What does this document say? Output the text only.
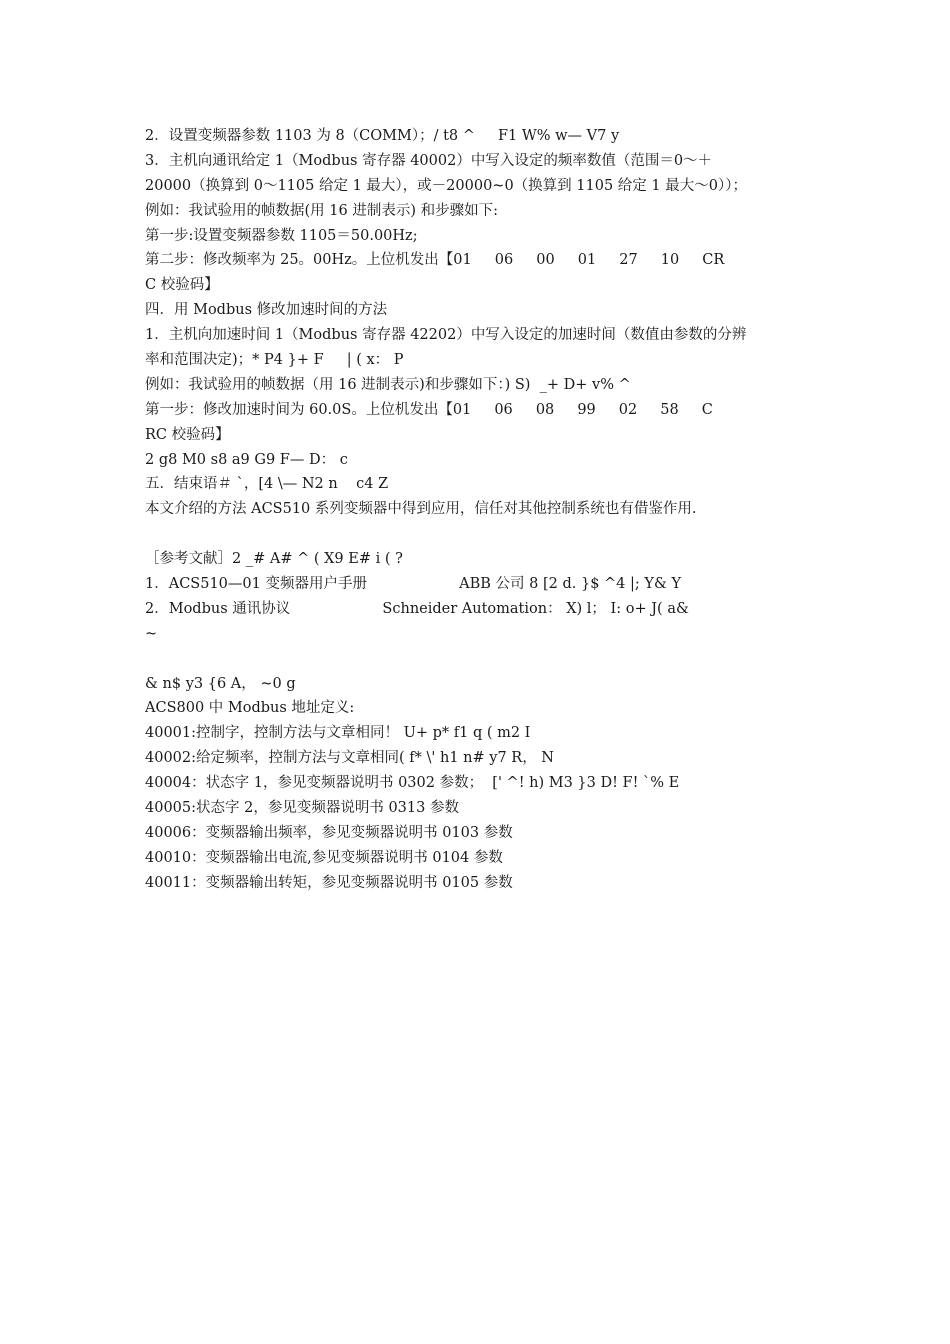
2．设置变频器参数 1103 为 8（COMM）；/ t8 ^     F1 W% w— V7 y
3．主机向通讯给定 1（Modbus 寄存器 40002）中写入设定的频率数值（范围＝0～＋
20000（换算到 0～1105 给定 1 最大），或－20000~0（换算到 1105 给定 1 最大～0））；
例如：我试验用的帧数据(用 16 进制表示) 和步骤如下:
第一步:设置变频器参数 1105＝50.00Hz;
第二步：修改频率为 25。00Hz。上位机发出【01     06     00     01     27     10     CR
C 校验码】
四．用 Modbus 修改加速时间的方法
1．主机向加速时间 1（Modbus 寄存器 42202）中写入设定的加速时间（数值由参数的分辨
率和范围决定)；* P4 }+ F     | ( x： P
例如：我试验用的帧数据（用 16 进制表示)和步骤如下：) S)  _+ D+ v% ^
第一步：修改加速时间为 60.0S。上位机发出【01     06     08     99     02     58     C
RC 校验码】
2 g8 M0 s8 a9 G9 F— D： c
五．结束语＃ `，[4 \— N2 n    c4 Z
本文介绍的方法 ACS510 系列变频器中得到应用，信任对其他控制系统也有借鉴作用.
［参考文献］2 _# A# ^ ( X9 E# i ( ?
1．ACS510—01 变频器用户手册                    ABB 公司 8 [2 d. }$ ^4 |; Y& Y
2．Modbus 通讯协议                    Schneider Automation： X) l； I: o+ J( a&
~
& n$ y3 {6 A， ~0 g
ACS800 中 Modbus 地址定义:
40001:控制字，控制方法与文章相同！ U+ p* f1 q ( m2 I
40002:给定频率，控制方法与文章相同( f* \' h1 n# y7 R， N
40004：状态字 1，参见变频器说明书 0302 参数；  [' ^! h) M3 }3 D! F! `% E
40005:状态字 2，参见变频器说明书 0313 参数
40006：变频器输出频率，参见变频器说明书 0103 参数
40010：变频器输出电流,参见变频器说明书 0104 参数
40011：变频器输出转矩，参见变频器说明书 0105 参数
